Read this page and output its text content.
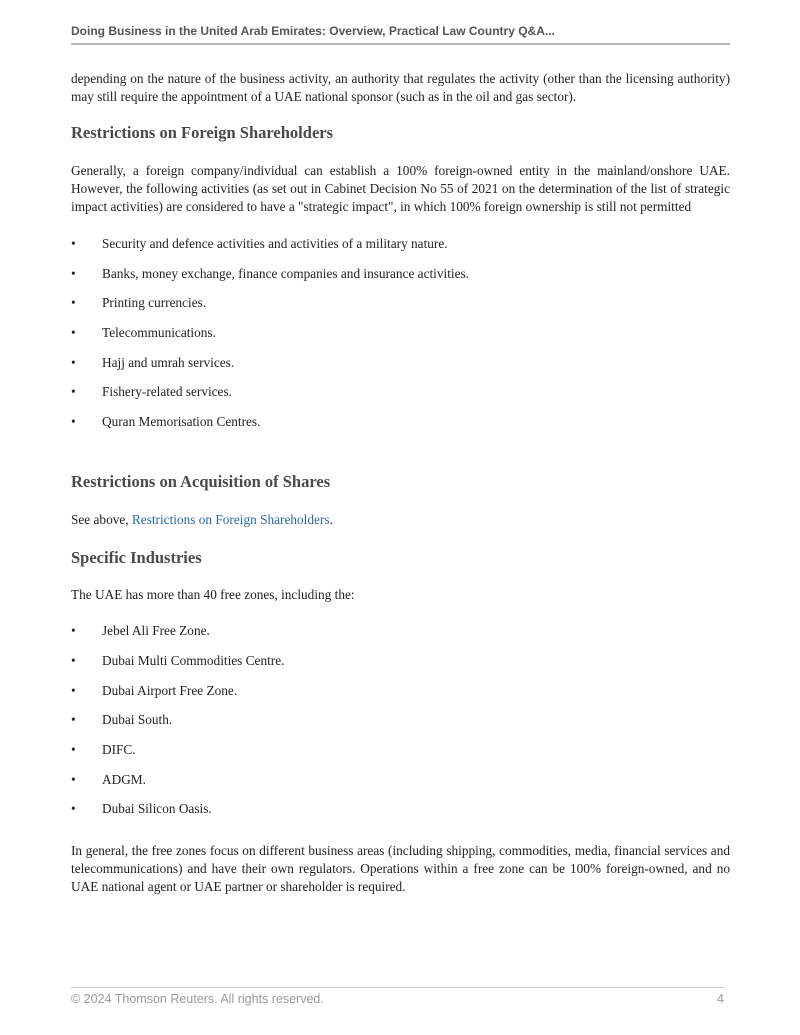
Doing Business in the United Arab Emirates: Overview, Practical Law Country Q&A...

depending on the nature of the business activity, an authority that regulates the activity (other than the licensing authority) may still require the appointment of a UAE national sponsor (such as in the oil and gas sector).

Restrictions on Foreign Shareholders

Generally, a foreign company/individual can establish a 100% foreign-owned entity in the mainland/onshore UAE. However, the following activities (as set out in Cabinet Decision No 55 of 2021 on the determination of the list of strategic impact activities) are considered to have a "strategic impact", in which 100% foreign ownership is still not permitted

• Security and defence activities and activities of a military nature.
• Banks, money exchange, finance companies and insurance activities.
• Printing currencies.
• Telecommunications.
• Hajj and umrah services.
• Fishery-related services.
• Quran Memorisation Centres.
Restrictions on Acquisition of Shares

See above, Restrictions on Foreign Shareholders.

Specific Industries

The UAE has more than 40 free zones, including the:

• Jebel Ali Free Zone.
• Dubai Multi Commodities Centre.
• Dubai Airport Free Zone.
• Dubai South.
• DIFC.
• ADGM.
• Dubai Silicon Oasis.

In general, the free zones focus on different business areas (including shipping, commodities, media, financial services and telecommunications) and have their own regulators. Operations within a free zone can be 100% foreign-owned, and no UAE national agent or UAE partner or shareholder is required.

© 2024 Thomson Reuters. All rights reserved.	4
